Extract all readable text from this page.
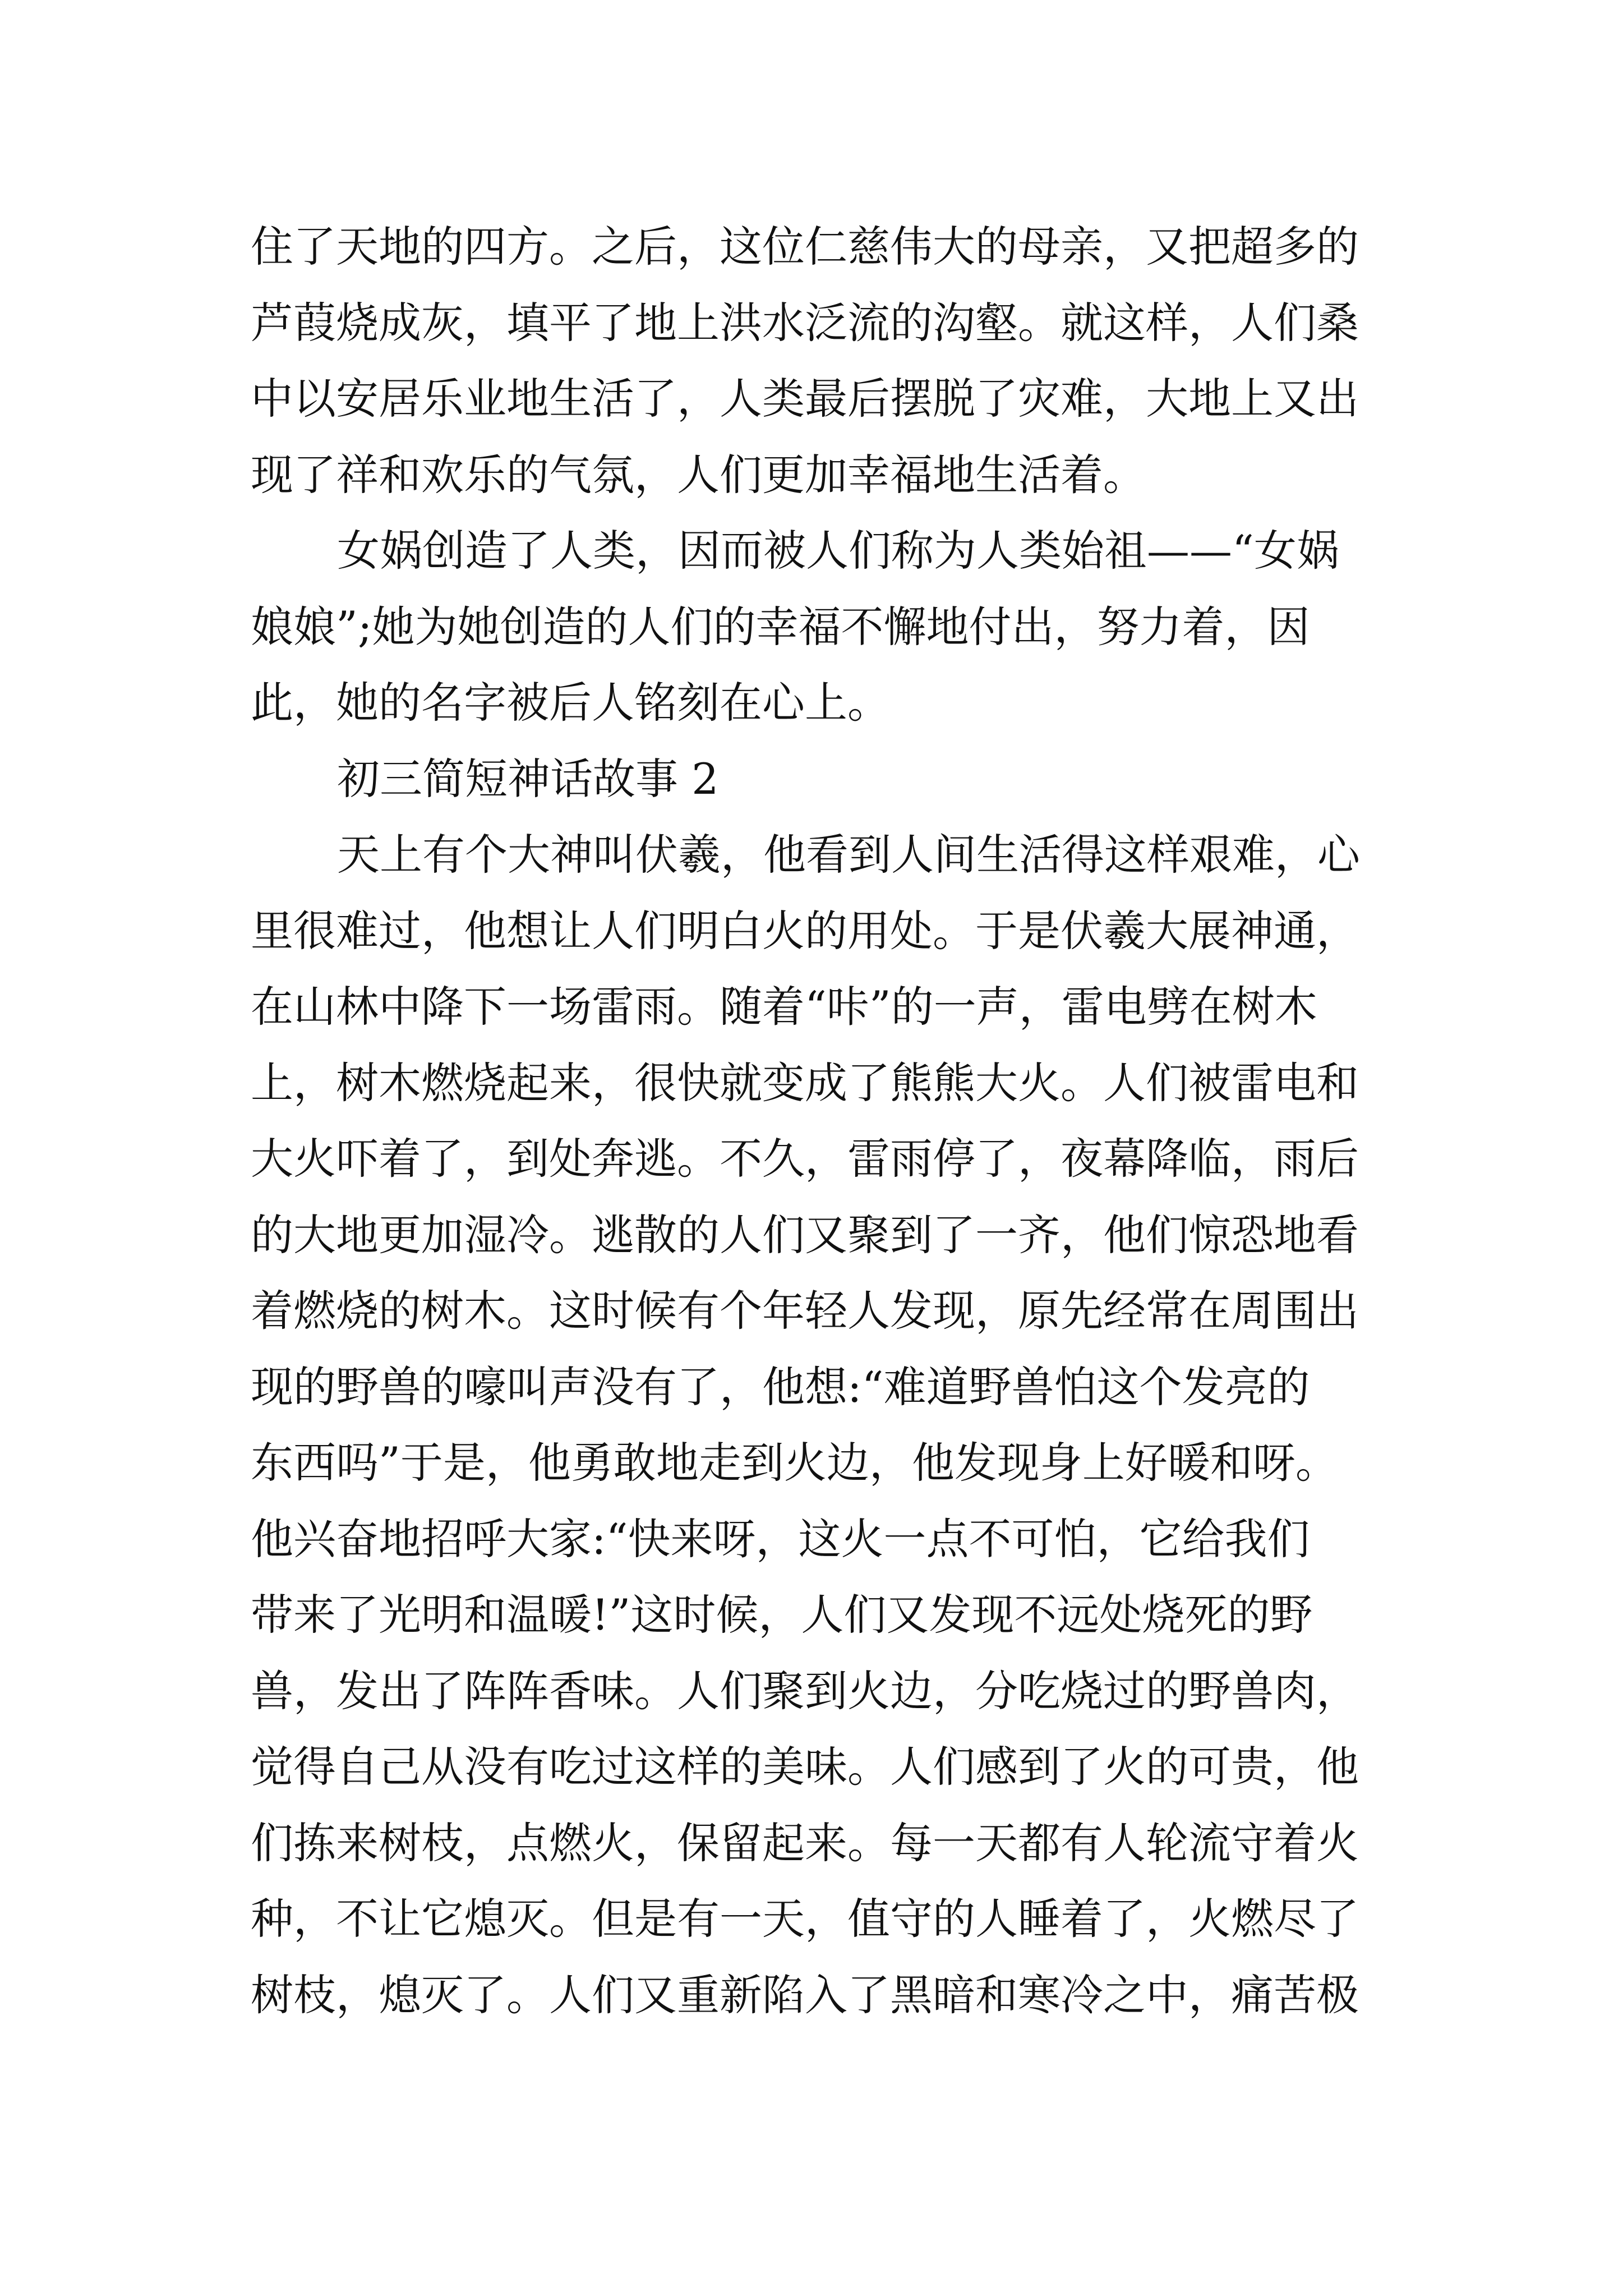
住了天地的四方。之后，这位仁慈伟大的母亲，又把超多的
芦葭烧成灰，填平了地上洪水泛流的沟壑。就这样，人们桑
中以安居乐业地生活了，人类最后摆脱了灾难，大地上又出
现了祥和欢乐的气氛，人们更加幸福地生活着。
女娲创造了人类，因而被人们称为人类始祖——“女娲
娘娘”;她为她创造的人们的幸福不懈地付出，努力着，因
此，她的名字被后人铭刻在心上。
初三简短神话故事 2
天上有个大神叫伏羲，他看到人间生活得这样艰难，心
里很难过，他想让人们明白火的用处。于是伏羲大展神通，
在山林中降下一场雷雨。随着“咔”的一声，雷电劈在树木
上，树木燃烧起来，很快就变成了熊熊大火。人们被雷电和
大火吓着了，到处奔逃。不久，雷雨停了，夜幕降临，雨后
的大地更加湿冷。逃散的人们又聚到了一齐，他们惊恐地看
着燃烧的树木。这时候有个年轻人发现，原先经常在周围出
现的野兽的嚎叫声没有了，他想:“难道野兽怕这个发亮的
东西吗”于是，他勇敢地走到火边，他发现身上好暖和呀。
他兴奋地招呼大家:“快来呀，这火一点不可怕，它给我们
带来了光明和温暖!”这时候，人们又发现不远处烧死的野
兽，发出了阵阵香味。人们聚到火边，分吃烧过的野兽肉，
觉得自己从没有吃过这样的美味。人们感到了火的可贵，他
们拣来树枝，点燃火，保留起来。每一天都有人轮流守着火
种，不让它熄灭。但是有一天，值守的人睡着了，火燃尽了
树枝，熄灭了。人们又重新陷入了黑暗和寒冷之中，痛苦极
